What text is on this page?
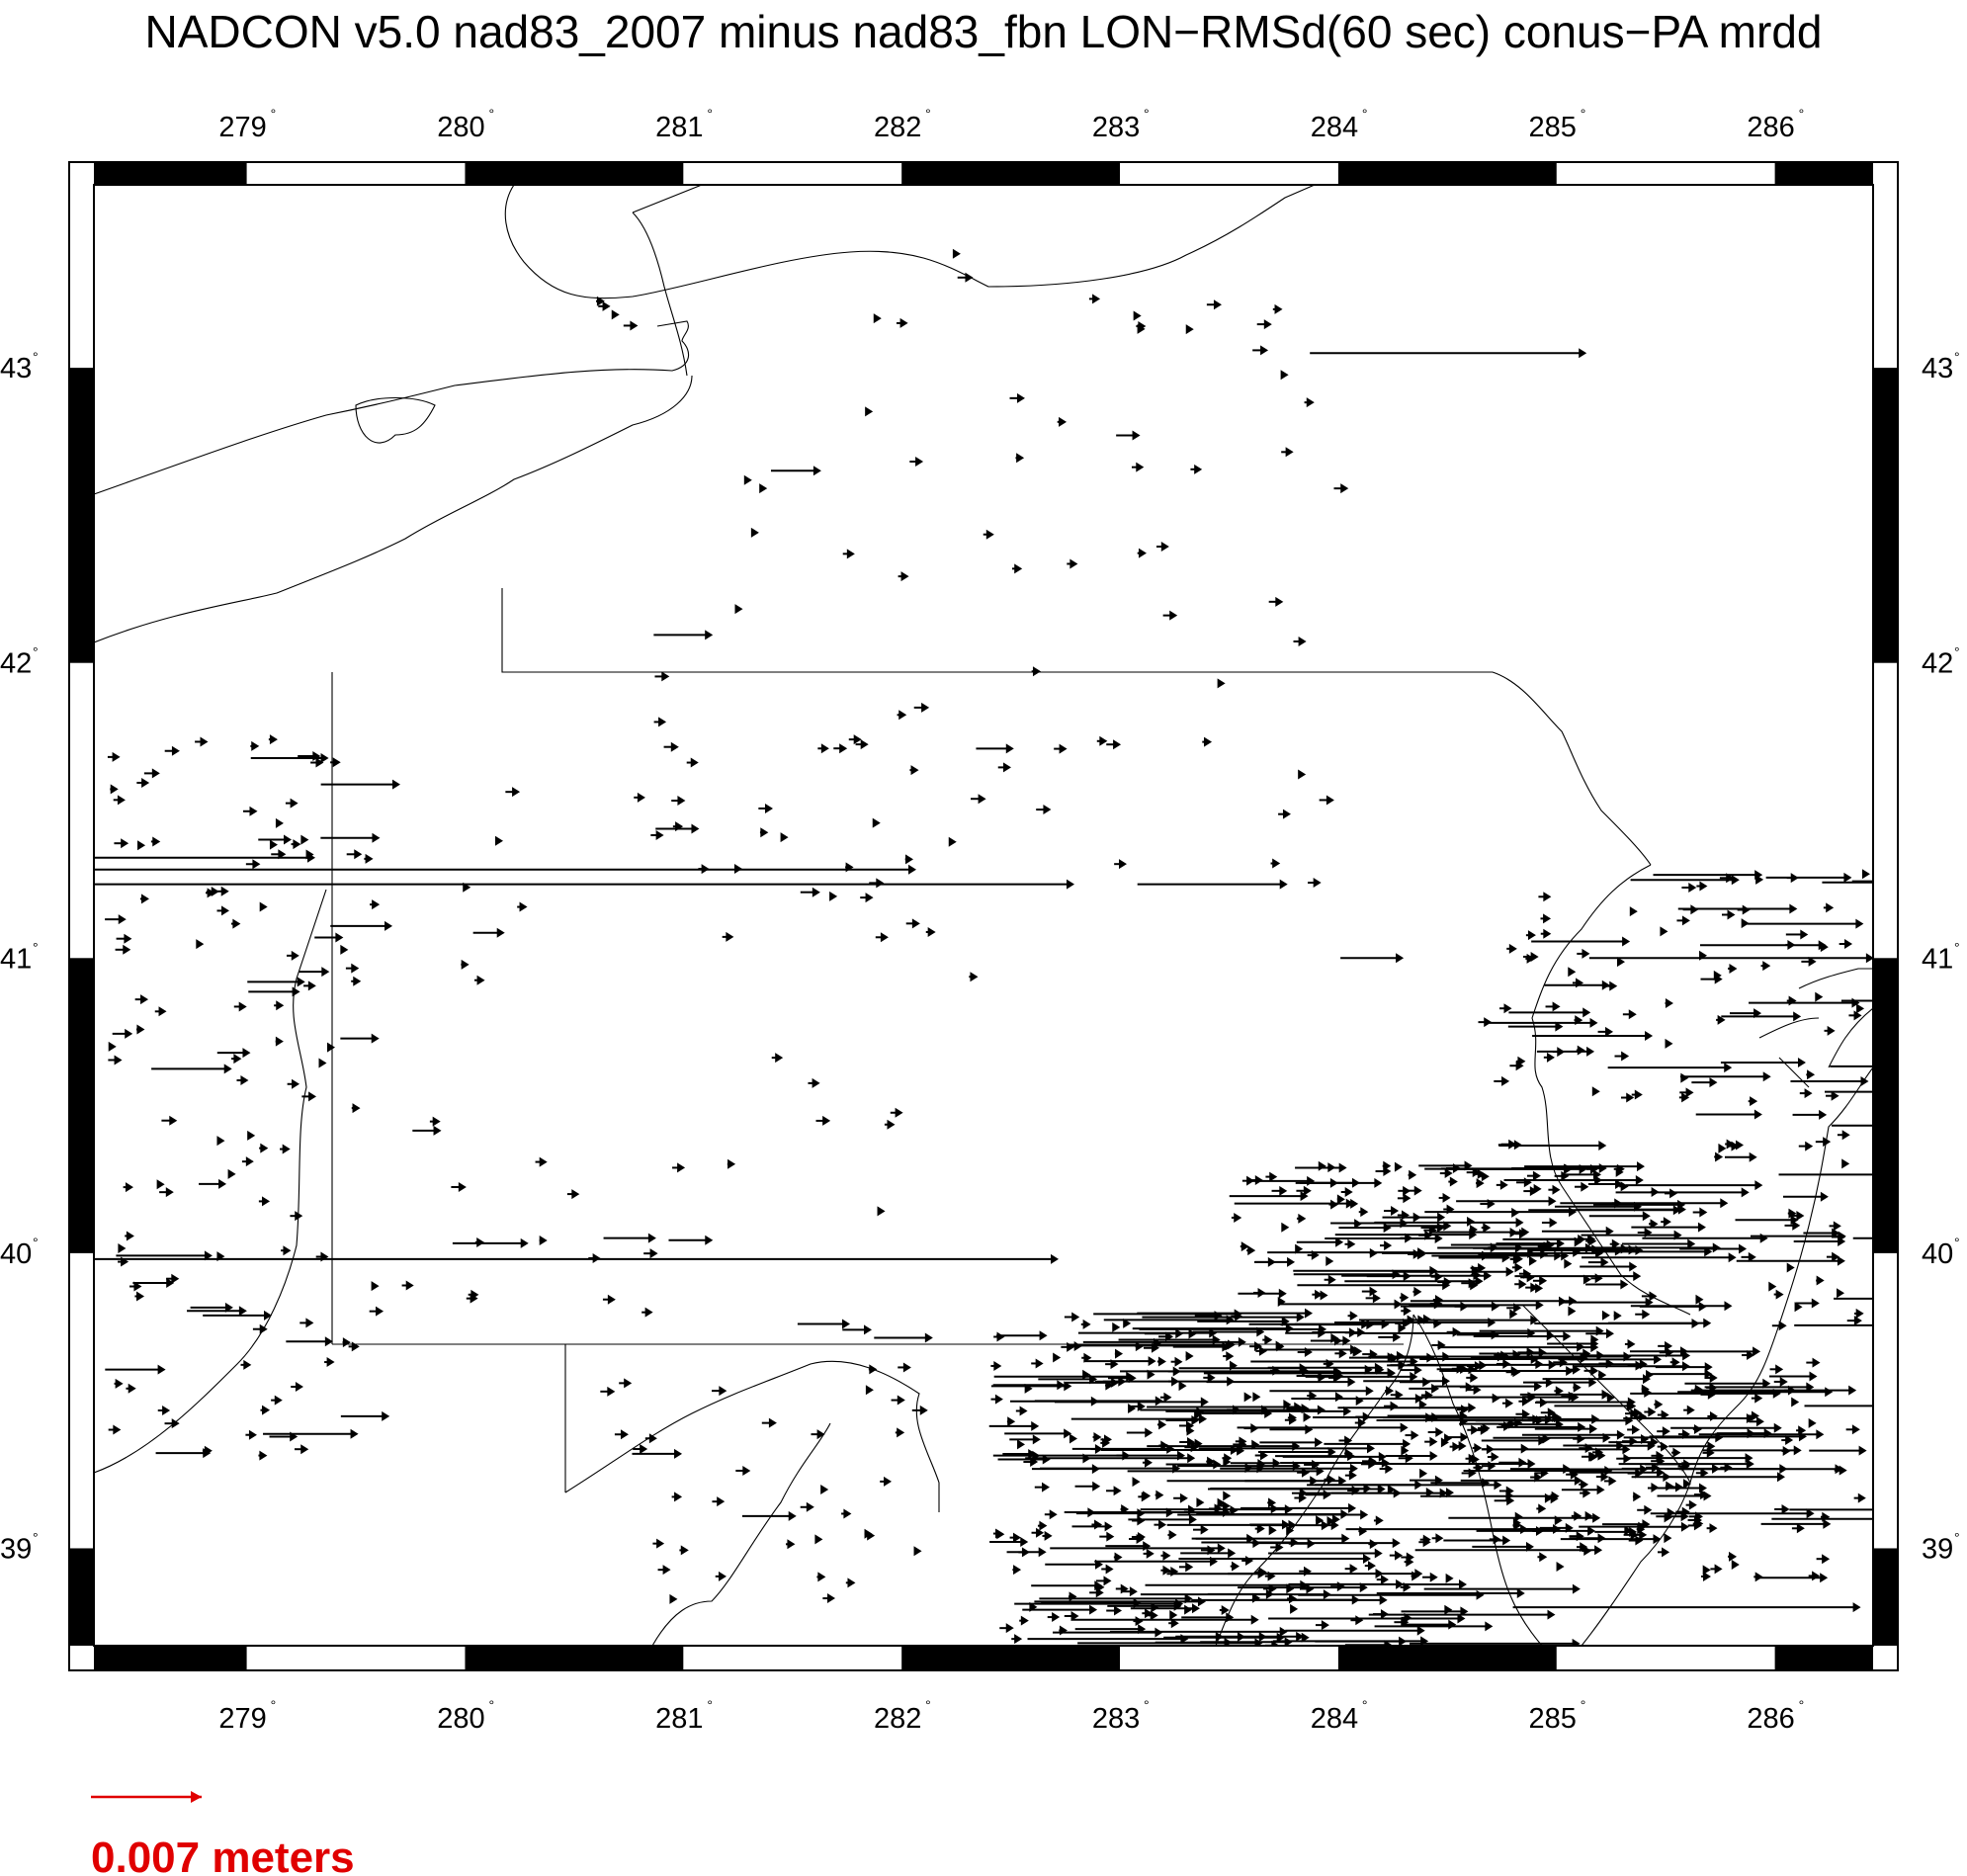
NADCON v5.0 nad83_2007 minus nad83_fbn LON−RMSd(60 sec) conus−PA mrdd
279 °
279 °
280 °
280 °
281 °
281 °
282 °
282 °
283 °
283 °
284 °
284 °
285 °
285 °
286 °
286 °
43 °	43 °
42 °	42 °
41 °	41 °
40 °	40 °
39 °	39 °
0.007 meters
